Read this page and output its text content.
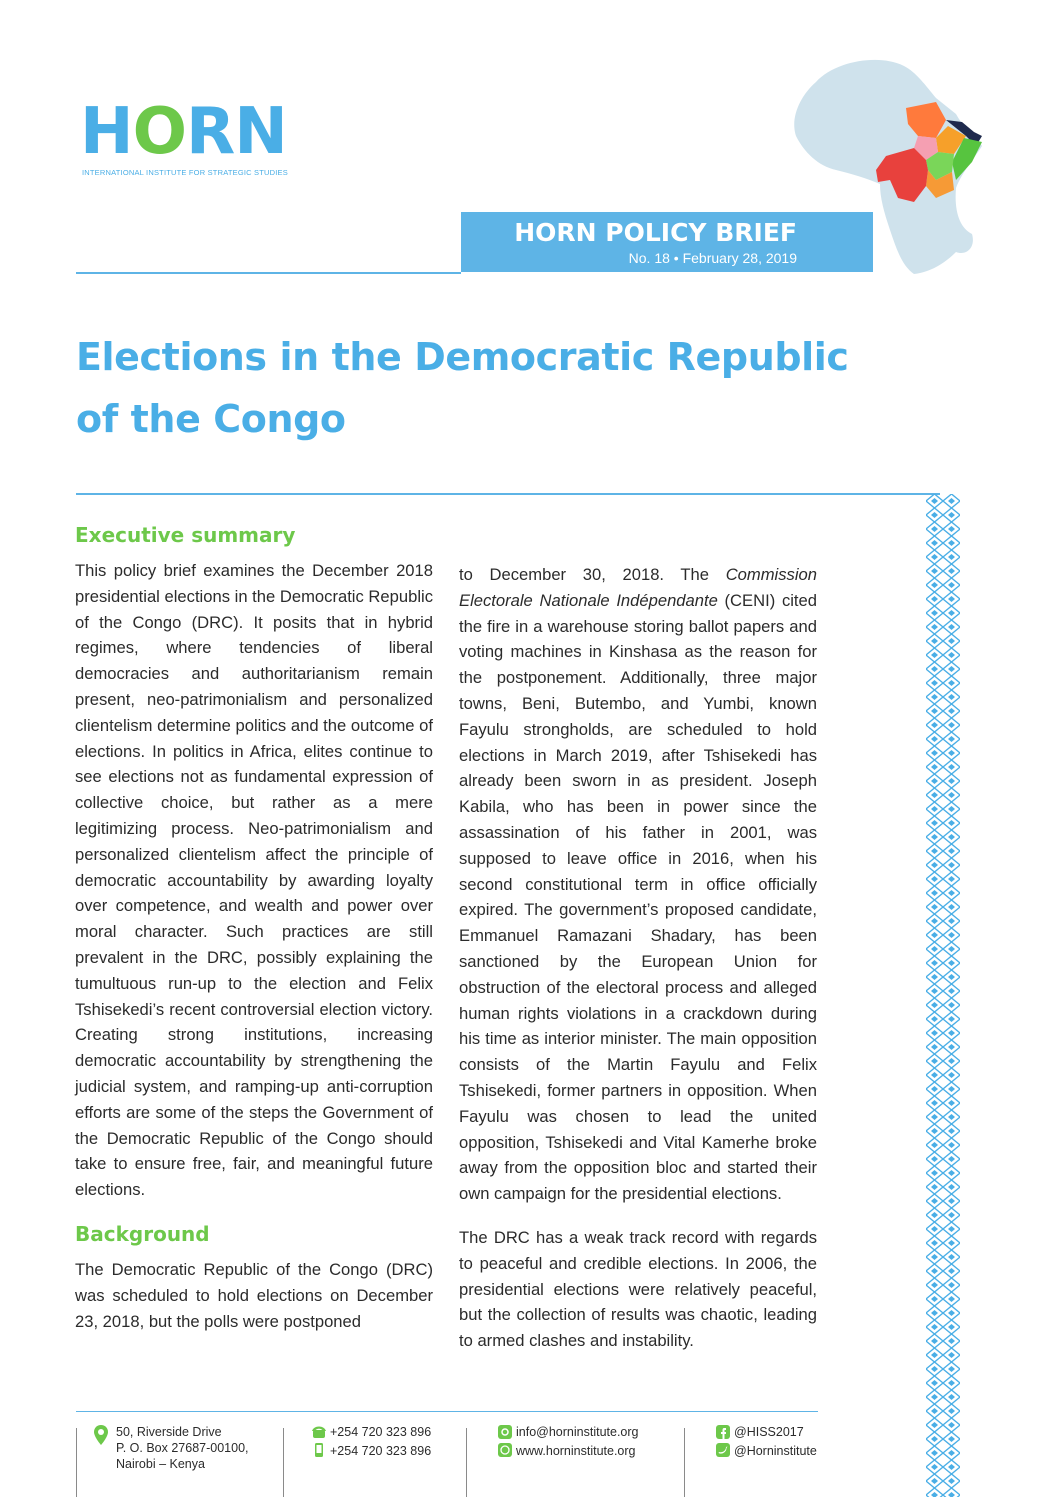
HORN
INTERNATIONAL INSTITUTE FOR STRATEGIC STUDIES
HORN POLICY BRIEF
No. 18 • February 28, 2019
Elections in the Democratic Republic
of the Congo
Executive summary
This policy brief examines the December 2018 presidential elections in the Democratic Republic of the Congo (DRC). It posits that in hybrid regimes, where tendencies of liberal democracies and authoritarianism remain present, neo-patrimonialism and personalized clientelism determine politics and the outcome of elections. In politics in Africa, elites continue to see elections not as fundamental expression of collective choice, but rather as a mere legitimizing process. Neo-patrimonialism and personalized clientelism affect the principle of democratic accountability by awarding loyalty over competence, and wealth and power over moral character. Such practices are still prevalent in the DRC, possibly explaining the tumultuous run-up to the election and Felix Tshisekedi’s recent controversial election victory. Creating strong institutions, increasing democratic accountability by strengthening the judicial system, and ramping-up anti-corruption efforts are some of the steps the Government of the Democratic Republic of the Congo should take to ensure free, fair, and meaningful future elections.
Background
The Democratic Republic of the Congo (DRC) was scheduled to hold elections on December 23, 2018, but the polls were postponed
to December 30, 2018. The Commission Electorale Nationale Indépendante (CENI) cited the fire in a warehouse storing ballot papers and voting machines in Kinshasa as the reason for the postponement. Additionally, three major towns, Beni, Butembo, and Yumbi, known Fayulu strongholds, are scheduled to hold elections in March 2019, after Tshisekedi has already been sworn in as president. Joseph Kabila, who has been in power since the assassination of his father in 2001, was supposed to leave office in 2016, when his second constitutional term in office officially expired. The government’s proposed candidate, Emmanuel Ramazani Shadary, has been sanctioned by the European Union for obstruction of the electoral process and alleged human rights violations in a crackdown during his time as interior minister. The main opposition consists of the Martin Fayulu and Felix Tshisekedi, former partners in opposition. When Fayulu was chosen to lead the united opposition, Tshisekedi and Vital Kamerhe broke away from the opposition bloc and started their own campaign for the presidential elections.
The DRC has a weak track record with regards to peaceful and credible elections. In 2006, the presidential elections were relatively peaceful, but the collection of results was chaotic, leading to armed clashes and instability.
50, Riverside Drive
P. O. Box 27687-00100,
Nairobi – Kenya
+254 720 323 896
+254 720 323 896
info@horninstitute.org
www.horninstitute.org
@HISS2017
@Horninstitute
